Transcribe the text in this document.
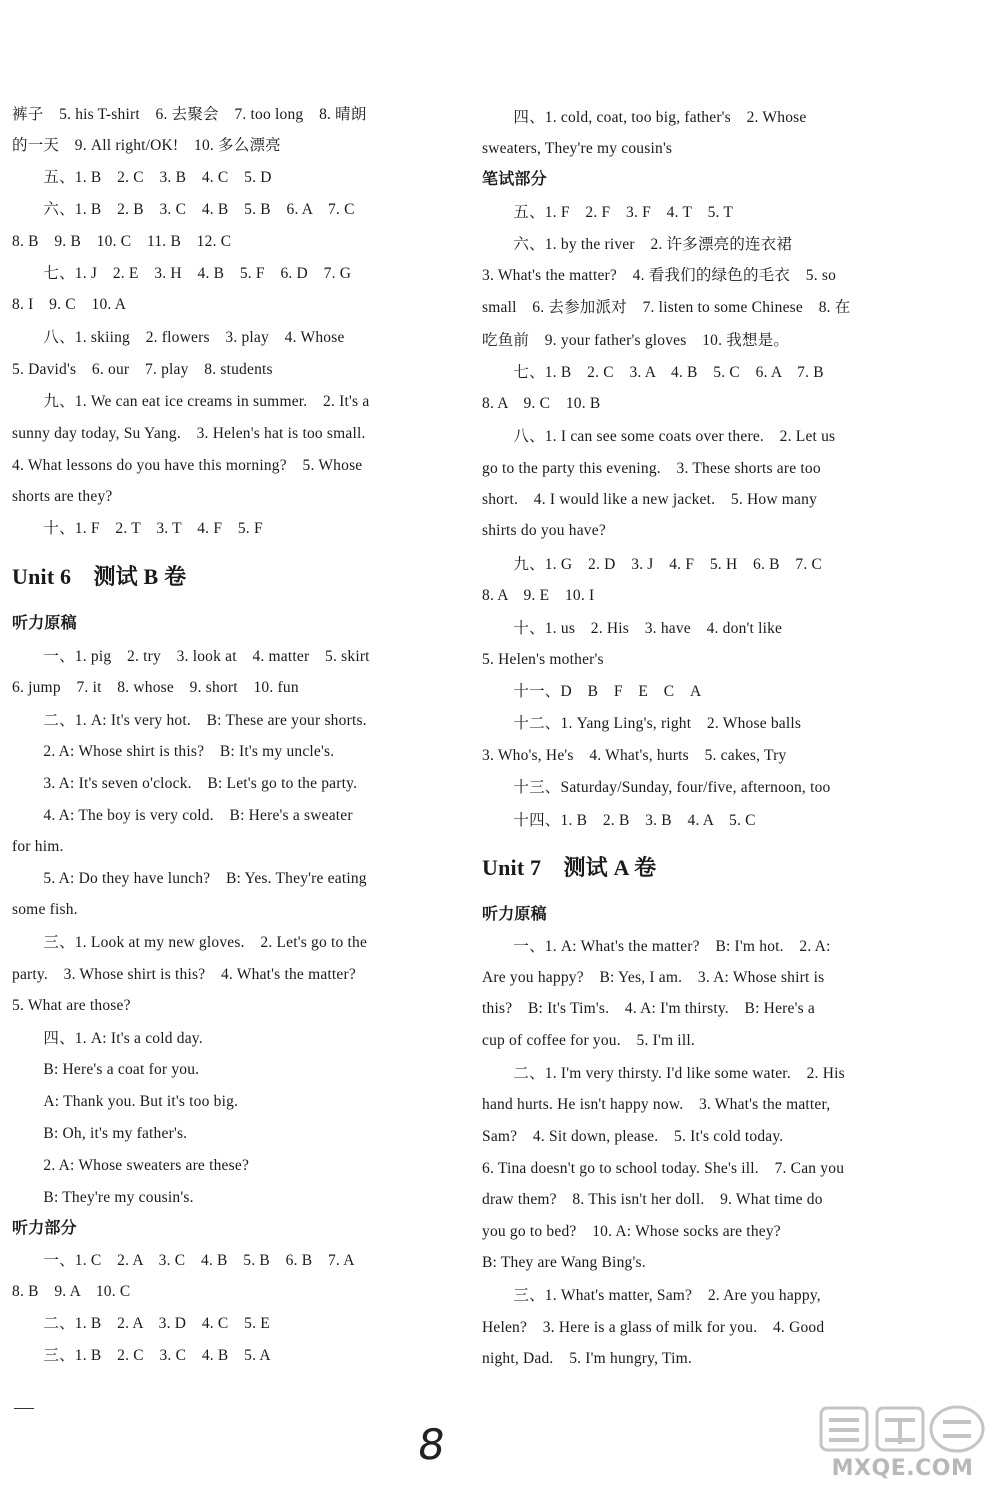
裤子　5. his T-shirt　6. 去聚会　7. too long　8. 晴朗
的一天　9. All right/OK!　10. 多么漂亮
　　五、1. B　2. C　3. B　4. C　5. D
　　六、1. B　2. B　3. C　4. B　5. B　6. A　7. C
8. B　9. B　10. C　11. B　12. C
　　七、1. J　2. E　3. H　4. B　5. F　6. D　7. G
8. I　9. C　10. A
　　八、1. skiing　2. flowers　3. play　4. Whose
5. David's　6. our　7. play　8. students
　　九、1. We can eat ice creams in summer.　2. It's a
sunny day today, Su Yang.　3. Helen's hat is too small.
4. What lessons do you have this morning?　5. Whose
shorts are they?
　　十、1. F　2. T　3. T　4. F　5. F
Unit 6　测试 B 卷
听力原稿
　　一、1. pig　2. try　3. look at　4. matter　5. skirt
6. jump　7. it　8. whose　9. short　10. fun
　　二、1. A: It's very hot.　B: These are your shorts.
　　2. A: Whose shirt is this?　B: It's my uncle's.
　　3. A: It's seven o'clock.　B: Let's go to the party.
　　4. A: The boy is very cold.　B: Here's a sweater
for him.
　　5. A: Do they have lunch?　B: Yes. They're eating
some fish.
　　三、1. Look at my new gloves.　2. Let's go to the
party.　3. Whose shirt is this?　4. What's the matter?
5. What are those?
　　四、1. A: It's a cold day.
　　B: Here's a coat for you.
　　A: Thank you. But it's too big.
　　B: Oh, it's my father's.
　　2. A: Whose sweaters are these?
　　B: They're my cousin's.
听力部分
　　一、1. C　2. A　3. C　4. B　5. B　6. B　7. A
8. B　9. A　10. C
　　二、1. B　2. A　3. D　4. C　5. E
　　三、1. B　2. C　3. C　4. B　5. A
　　四、1. cold, coat, too big, father's　2. Whose
sweaters, They're my cousin's
笔试部分
　　五、1. F　2. F　3. F　4. T　5. T
　　六、1. by the river　2. 许多漂亮的连衣裙
3. What's the matter?　4. 看我们的绿色的毛衣　5. so
small　6. 去参加派对　7. listen to some Chinese　8. 在
吃鱼前　9. your father's gloves　10. 我想是。
　　七、1. B　2. C　3. A　4. B　5. C　6. A　7. B
8. A　9. C　10. B
　　八、1. I can see some coats over there.　2. Let us
go to the party this evening.　3. These shorts are too
short.　4. I would like a new jacket.　5. How many
shirts do you have?
　　九、1. G　2. D　3. J　4. F　5. H　6. B　7. C
8. A　9. E　10. I
　　十、1. us　2. His　3. have　4. don't like
5. Helen's mother's
　　十一、D　B　F　E　C　A
　　十二、1. Yang Ling's, right　2. Whose balls
3. Who's, He's　4. What's, hurts　5. cakes, Try
　　十三、Saturday/Sunday, four/five, afternoon, too
　　十四、1. B　2. B　3. B　4. A　5. C
Unit 7　测试 A 卷
听力原稿
　　一、1. A: What's the matter?　B: I'm hot.　2. A:
Are you happy?　B: Yes, I am.　3. A: Whose shirt is
this?　B: It's Tim's.　4. A: I'm thirsty.　B: Here's a
cup of coffee for you.　5. I'm ill.
　　二、1. I'm very thirsty. I'd like some water.　2. His
hand hurts. He isn't happy now.　3. What's the matter,
Sam?　4. Sit down, please.　5. It's cold today.
6. Tina doesn't go to school today. She's ill.　7. Can you
draw them?　8. This isn't her doll.　9. What time do
you go to bed?　10. A: Whose socks are they?
B: They are Wang Bing's.
　　三、1. What's matter, Sam?　2. Are you happy,
Helen?　3. Here is a glass of milk for you.　4. Good
night, Dad.　5. I'm hungry, Tim.
8	MXQE.COM
